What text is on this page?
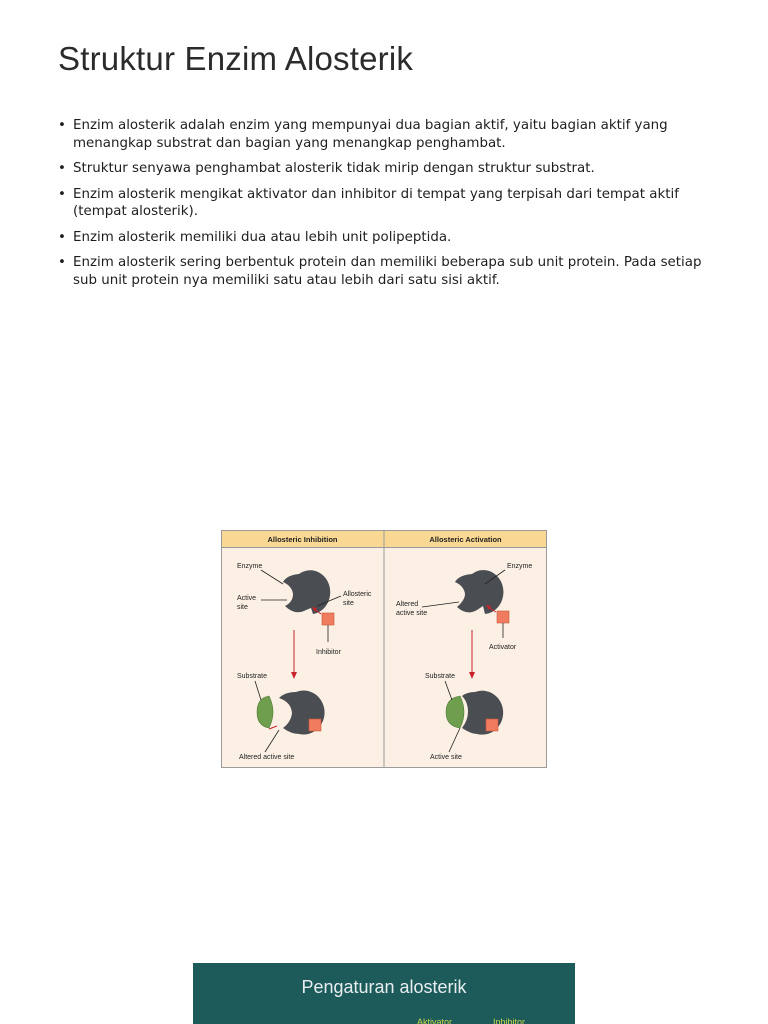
Struktur Enzim Alosterik
• Enzim alosterik adalah enzim yang mempunyai dua bagian aktif, yaitu bagian aktif yang menangkap substrat dan bagian yang menangkap penghambat.
• Struktur senyawa penghambat alosterik tidak mirip dengan struktur substrat.
• Enzim alosterik mengikat aktivator dan inhibitor di tempat yang terpisah dari tempat aktif (tempat alosterik).
• Enzim alosterik memiliki dua atau lebih unit polipeptida.
• Enzim alosterik sering berbentuk protein dan memiliki beberapa sub unit protein. Pada setiap sub unit protein nya memiliki satu atau lebih dari satu sisi aktif.
Allosteric Inhibition	Allosteric Activation
Enzyme
Active
site
Allosteric
site
Inhibitor
Substrate
Altered active site
Enzyme
Altered
active site
Activator
Substrate
Active site
Pengaturan alosterik
Aktivator	Inhibitor
